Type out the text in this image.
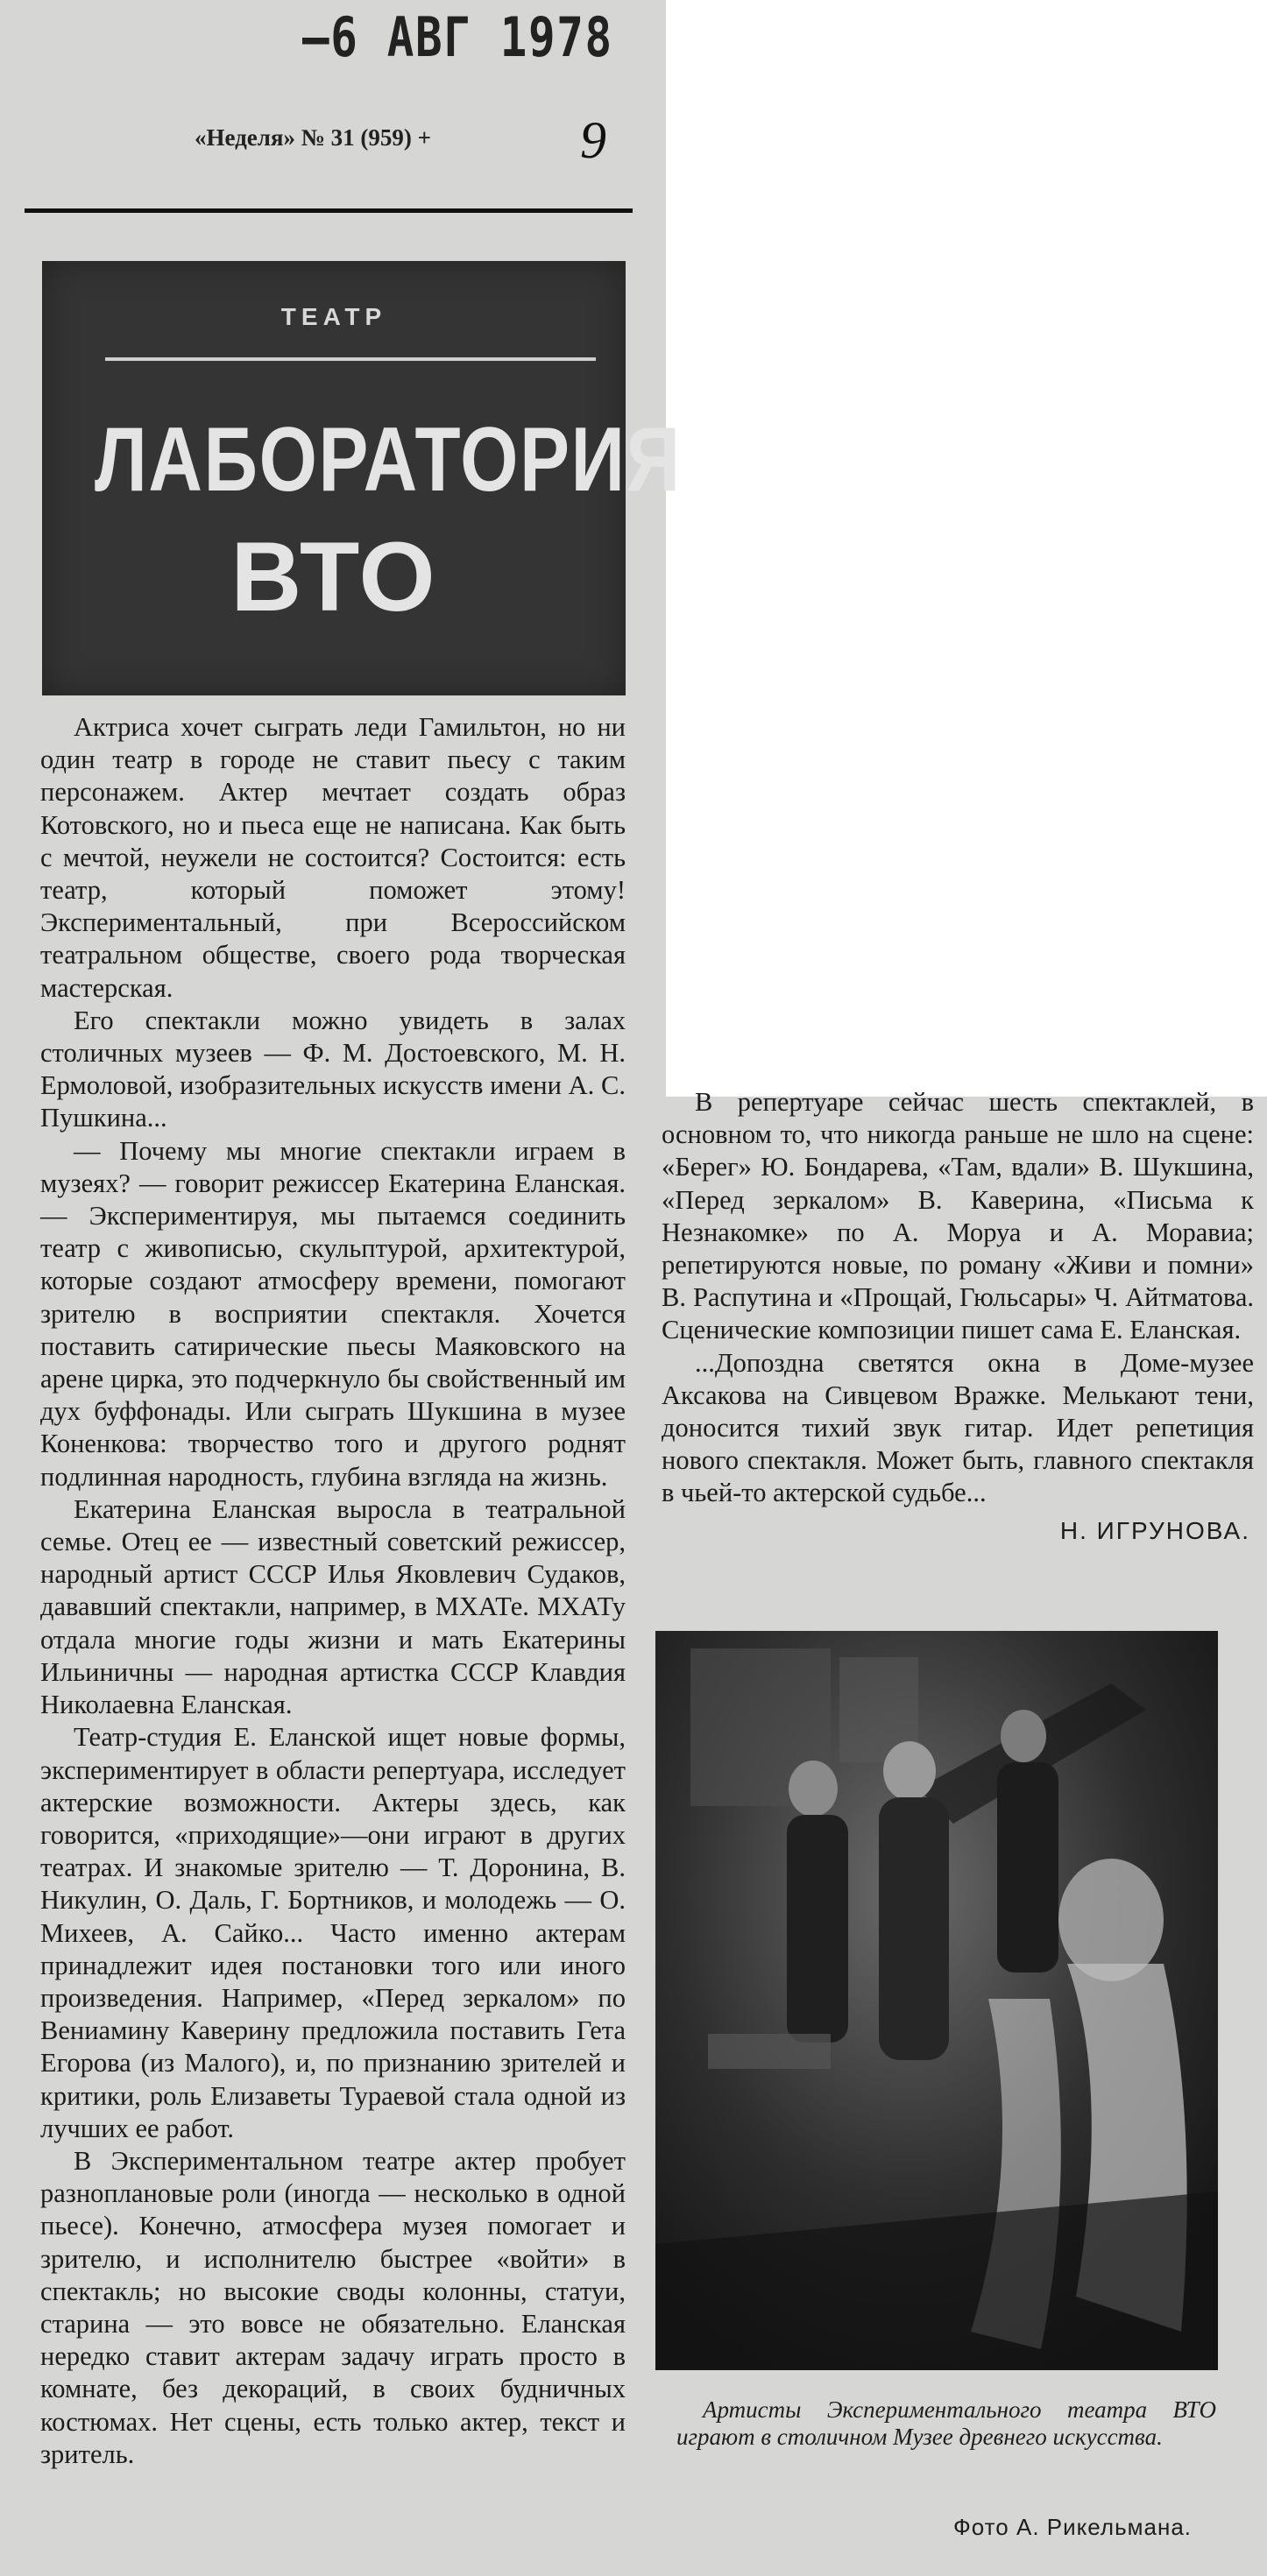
–6 АВГ 1978
«Неделя» № 31 (959) +	9
ТЕАТР
ЛАБОРАТОРИЯ
ВТО

Актриса хочет сыграть леди Гамильтон, но ни один театр в городе не ставит пьесу с таким персонажем. Актер мечтает создать образ Котовского, но и пьеса еще не написана. Как быть с мечтой, неужели не состоится? Состоится: есть театр, который поможет этому! Экспериментальный, при Всероссийском театральном обществе, своего рода творческая мастерская.

Его спектакли можно увидеть в залах столичных музеев — Ф. М. Достоевского, М. Н. Ермоловой, изобразительных искусств имени А. С. Пушкина...

— Почему мы многие спектакли играем в музеях? — говорит режиссер Екатерина Еланская.— Экспериментируя, мы пытаемся соединить театр с живописью, скульптурой, архитектурой, которые создают атмосферу времени, помогают зрителю в восприятии спектакля. Хочется поставить сатирические пьесы Маяковского на арене цирка, это подчеркнуло бы свойственный им дух буффонады. Или сыграть Шукшина в музее Коненкова: творчество того и другого роднят подлинная народность, глубина взгляда на жизнь.

Екатерина Еланская выросла в театральной семье. Отец ее — известный советский режиссер, народный артист СССР Илья Яковлевич Судаков, дававший спектакли, например, в МХАТе. МХАТу отдала многие годы жизни и мать Екатерины Ильиничны — народная артистка СССР Клавдия Николаевна Еланская.

Театр-студия Е. Еланской ищет новые формы, экспериментирует в области репертуара, исследует актерские возможности. Актеры здесь, как говорится, «приходящие»—они играют в других театрах. И знакомые зрителю — Т. Доронина, В. Никулин, О. Даль, Г. Бортников, и молодежь — О. Михеев, А. Сайко... Часто именно актерам принадлежит идея постановки того или иного произведения. Например, «Перед зеркалом» по Вениамину Каверину предложила поставить Гета Егорова (из Малого), и, по признанию зрителей и критики, роль Елизаветы Тураевой стала одной из лучших ее работ.

В Экспериментальном театре актер пробует разноплановые роли (иногда — несколько в одной пьесе). Конечно, атмосфера музея помогает и зрителю, и исполнителю быстрее «войти» в спектакль; но высокие своды колонны, статуи, старина — это вовсе не обязательно. Еланская нередко ставит актерам задачу играть просто в комнате, без декораций, в своих будничных костюмах. Нет сцены, есть только актер, текст и зритель.

В репертуаре сейчас шесть спектаклей, в основном то, что никогда раньше не шло на сцене: «Берег» Ю. Бондарева, «Там, вдали» В. Шукшина, «Перед зеркалом» В. Каверина, «Письма к Незнакомке» по А. Моруа и А. Моравиа; репетируются новые, по роману «Живи и помни» В. Распутина и «Прощай, Гюльсары» Ч. Айтматова. Сценические композиции пишет сама Е. Еланская.

...Допоздна светятся окна в Доме-музее Аксакова на Сивцевом Вражке. Мелькают тени, доносится тихий звук гитар. Идет репетиция нового спектакля. Может быть, главного спектакля в чьей-то актерской судьбе...

Н. ИГРУНОВА.

Артисты Экспериментального театра ВТО играют в столичном Музее древнего искусства.

Фото А. Рикельмана.
